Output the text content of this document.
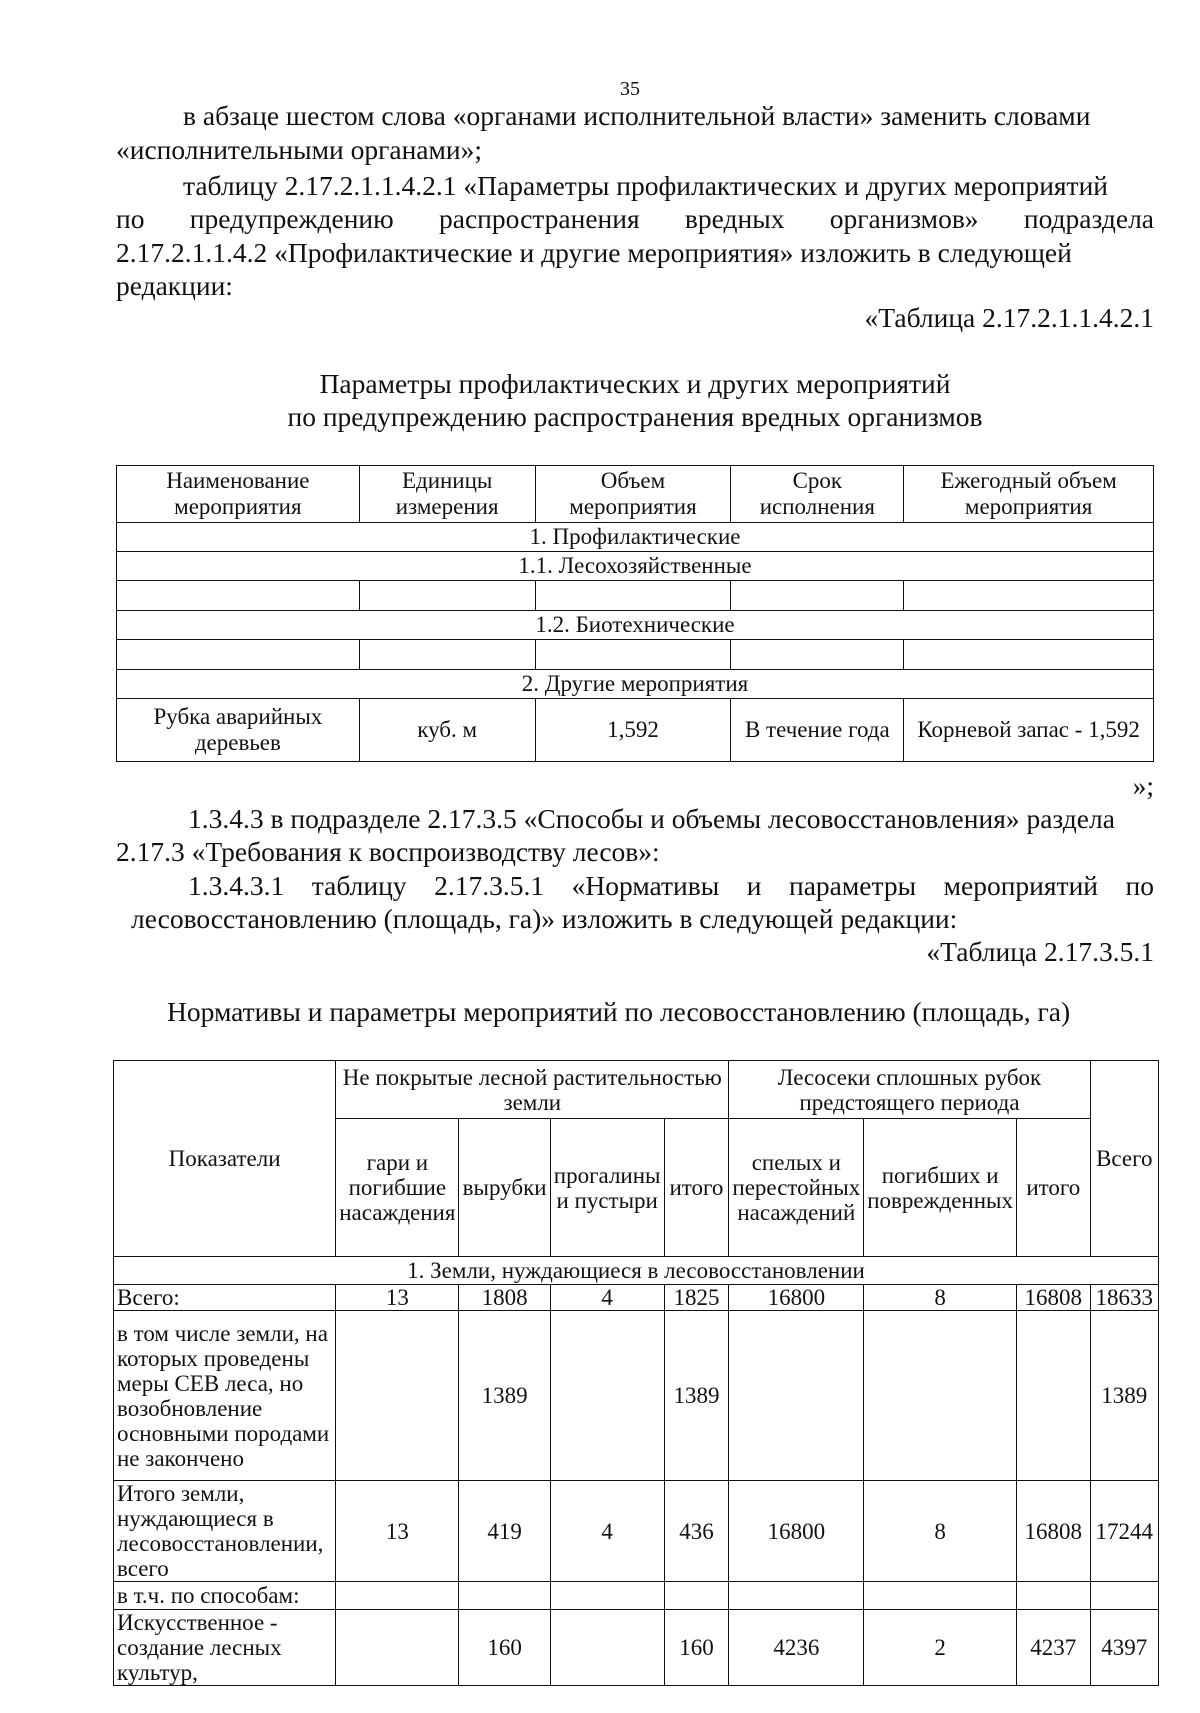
35
в абзаце шестом слова «органами исполнительной власти» заменить словами
«исполнительными органами»;
таблицу 2.17.2.1.1.4.2.1 «Параметры профилактических и других мероприятий
по предупреждению распространения вредных организмов» подраздела
2.17.2.1.1.4.2 «Профилактические и другие мероприятия» изложить в следующей
редакции:
«Таблица 2.17.2.1.1.4.2.1
Параметры профилактических и других мероприятий
по предупреждению распространения вредных организмов
Наименование мероприятия	Единицы измерения	Объем мероприятия	Срок исполнения	Ежегодный объем мероприятия
1. Профилактические				
1.1. Лесохозяйственные				

1.2. Биотехнические				

2. Другие мероприятия				
Рубка аварийных деревьев	куб. м	1,592	В течение года	Корневой запас - 1,592
»;
1.3.4.3 в подразделе 2.17.3.5 «Способы и объемы лесовосстановления» раздела
2.17.3 «Требования к воспроизводству лесов»:
1.3.4.3.1 таблицу 2.17.3.5.1 «Нормативы и параметры мероприятий по
лесовосстановлению (площадь, га)» изложить в следующей редакции:
«Таблица 2.17.3.5.1
Нормативы и параметры мероприятий по лесовосстановлению (площадь, га)
Показатели	Не покрытые лесной растительностью земли				Лесосеки сплошных рубок предстоящего периода			Всего
	гари и погибшие насаждения	вырубки	прогалины и пустыри	итого	спелых и перестойных насаждений	погибших и поврежденных	итого	
1. Земли, нуждающиеся в лесовосстановлении								
Всего:	13	1808	4	1825	16800	8	16808	18633
в том числе земли, на которых проведены меры СЕВ леса, но возобновление основными породами не закончено		1389		1389				1389
Итого земли, нуждающиеся в лесовосстановлении, всего	13	419	4	436	16800	8	16808	17244
в т.ч. по способам:								
Искусственное - создание лесных культур,		160		160	4236	2	4237	4397
